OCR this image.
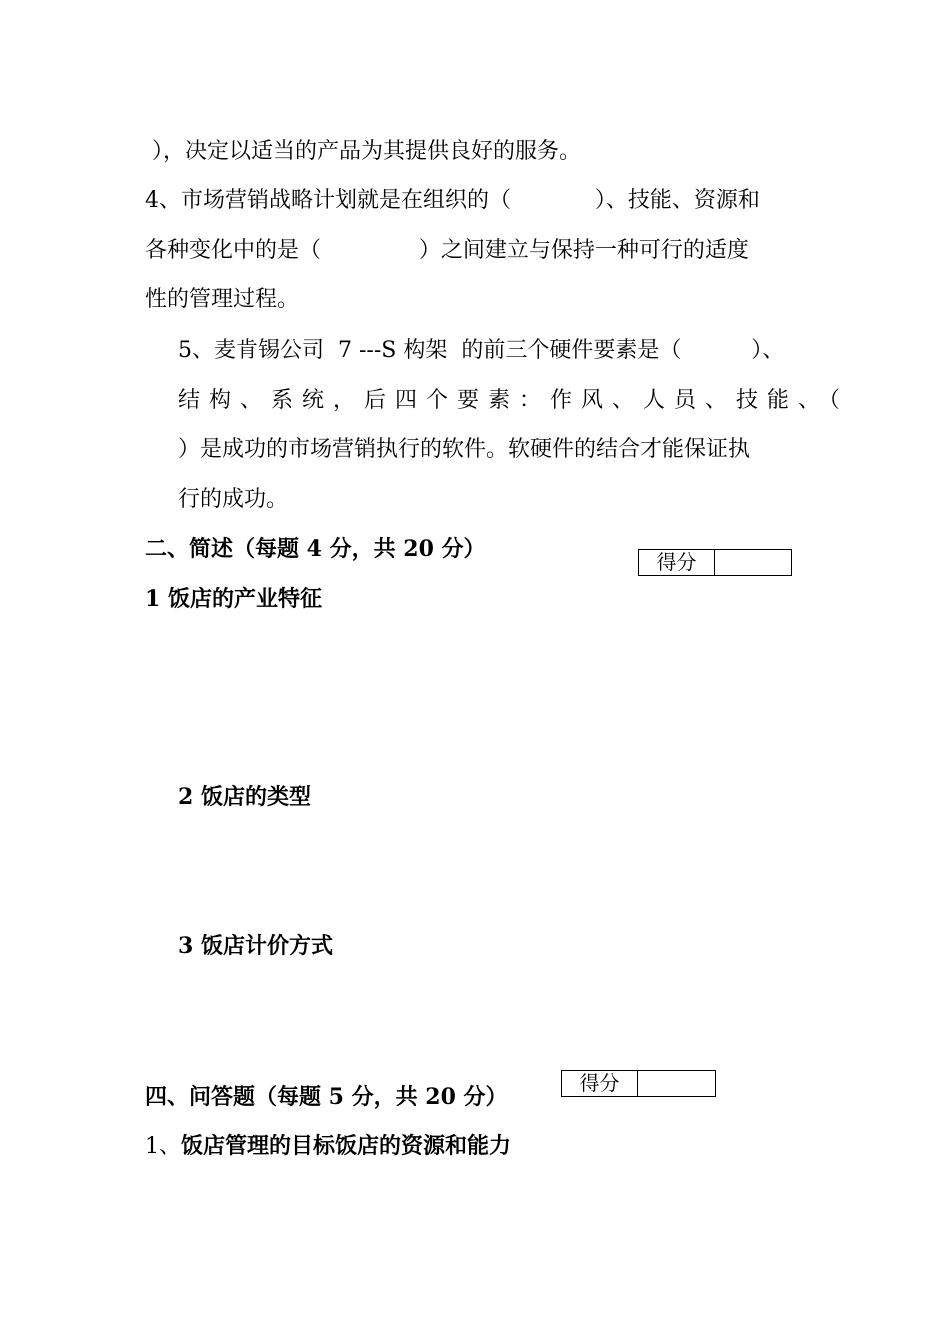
），决定以适当的产品为其提供良好的服务。

4、市场营销战略计划就是在组织的（            ）、技能、资源和

各种变化中的是（              ）之间建立与保持一种可行的适度

性的管理过程。

5、麦肯锡公司  7 ---S 构架  的前三个硬件要素是（          ）、

结构、系统，后四个要素：作风、人员、技能、（

）是成功的市场营销执行的软件。软硬件的结合才能保证执

行的成功。

二、简述（每题 4 分，共 20 分）	得分

1 饭店的产业特征

2 饭店的类型

3 饭店计价方式

四、问答题（每题 5 分，共 20 分）

得分

1、饭店管理的目标饭店的资源和能力
